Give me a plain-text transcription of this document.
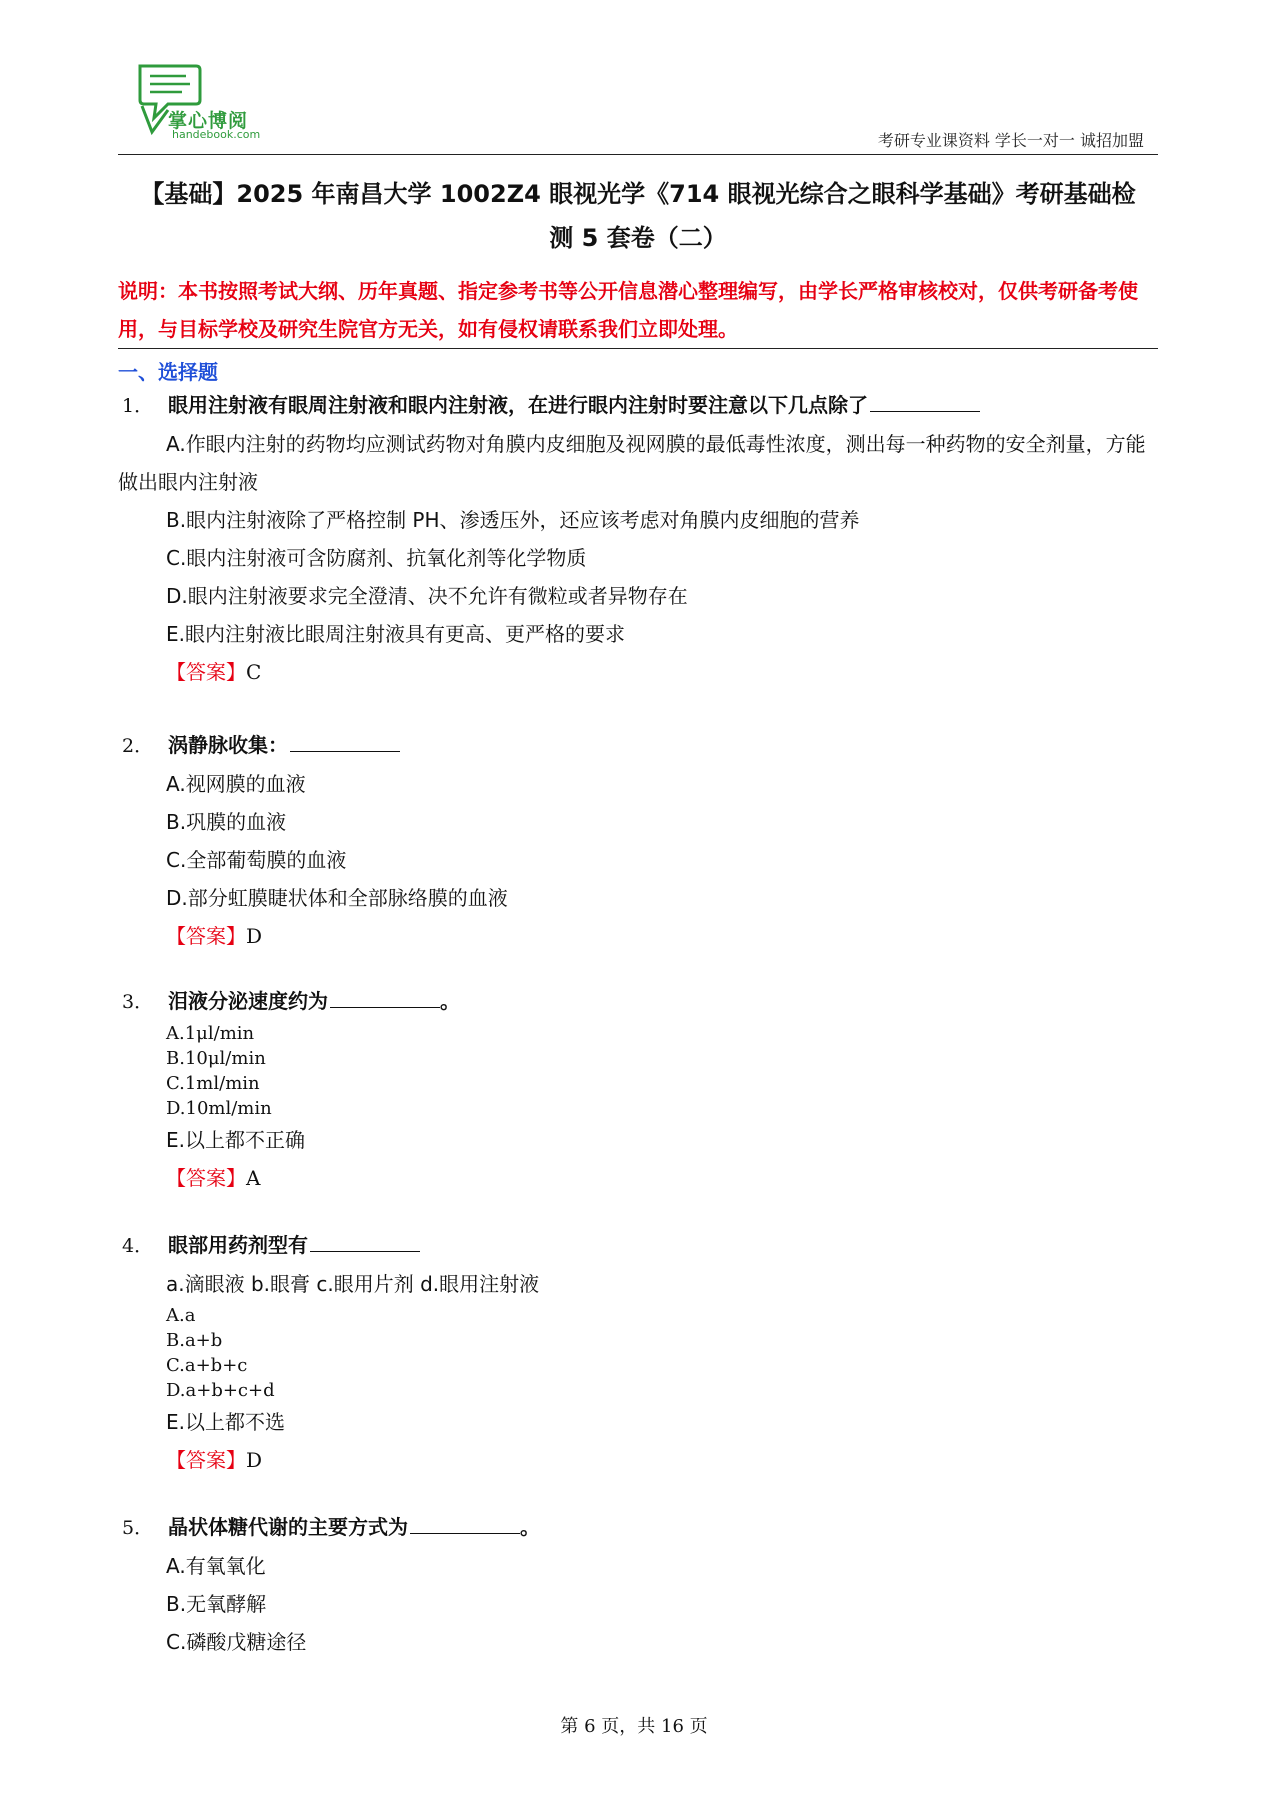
掌心博阅
handebook.com	考研专业课资料 学长一对一 诚招加盟
【基础】2025 年南昌大学 1002Z4 眼视光学《714 眼视光综合之眼科学基础》考研基础检
测 5 套卷（二）
说明：本书按照考试大纲、历年真题、指定参考书等公开信息潜心整理编写，由学长严格审核校对，仅供考研备考使用，与目标学校及研究生院官方无关，如有侵权请联系我们立即处理。
一、选择题
1． 眼用注射液有眼周注射液和眼内注射液，在进行眼内注射时要注意以下几点除了
A.作眼内注射的药物均应测试药物对角膜内皮细胞及视网膜的最低毒性浓度，测出每一种药物的安全剂量，方能做出眼内注射液
B.眼内注射液除了严格控制 PH、渗透压外，还应该考虑对角膜内皮细胞的营养
C.眼内注射液可含防腐剂、抗氧化剂等化学物质
D.眼内注射液要求完全澄清、决不允许有微粒或者异物存在
E.眼内注射液比眼周注射液具有更高、更严格的要求
【答案】C
2． 涡静脉收集：
A.视网膜的血液
B.巩膜的血液
C.全部葡萄膜的血液
D.部分虹膜睫状体和全部脉络膜的血液
【答案】D
3． 泪液分泌速度约为	。
A.1μl/min
B.10μl/min
C.1ml/min
D.10ml/min
E.以上都不正确
【答案】A
4． 眼部用药剂型有
a.滴眼液 b.眼膏 c.眼用片剂 d.眼用注射液
A.a
B.a+b
C.a+b+c
D.a+b+c+d
E.以上都不选
【答案】D
5． 晶状体糖代谢的主要方式为	。
A.有氧氧化
B.无氧酵解
C.磷酸戊糖途径
第 6 页，共 16 页
